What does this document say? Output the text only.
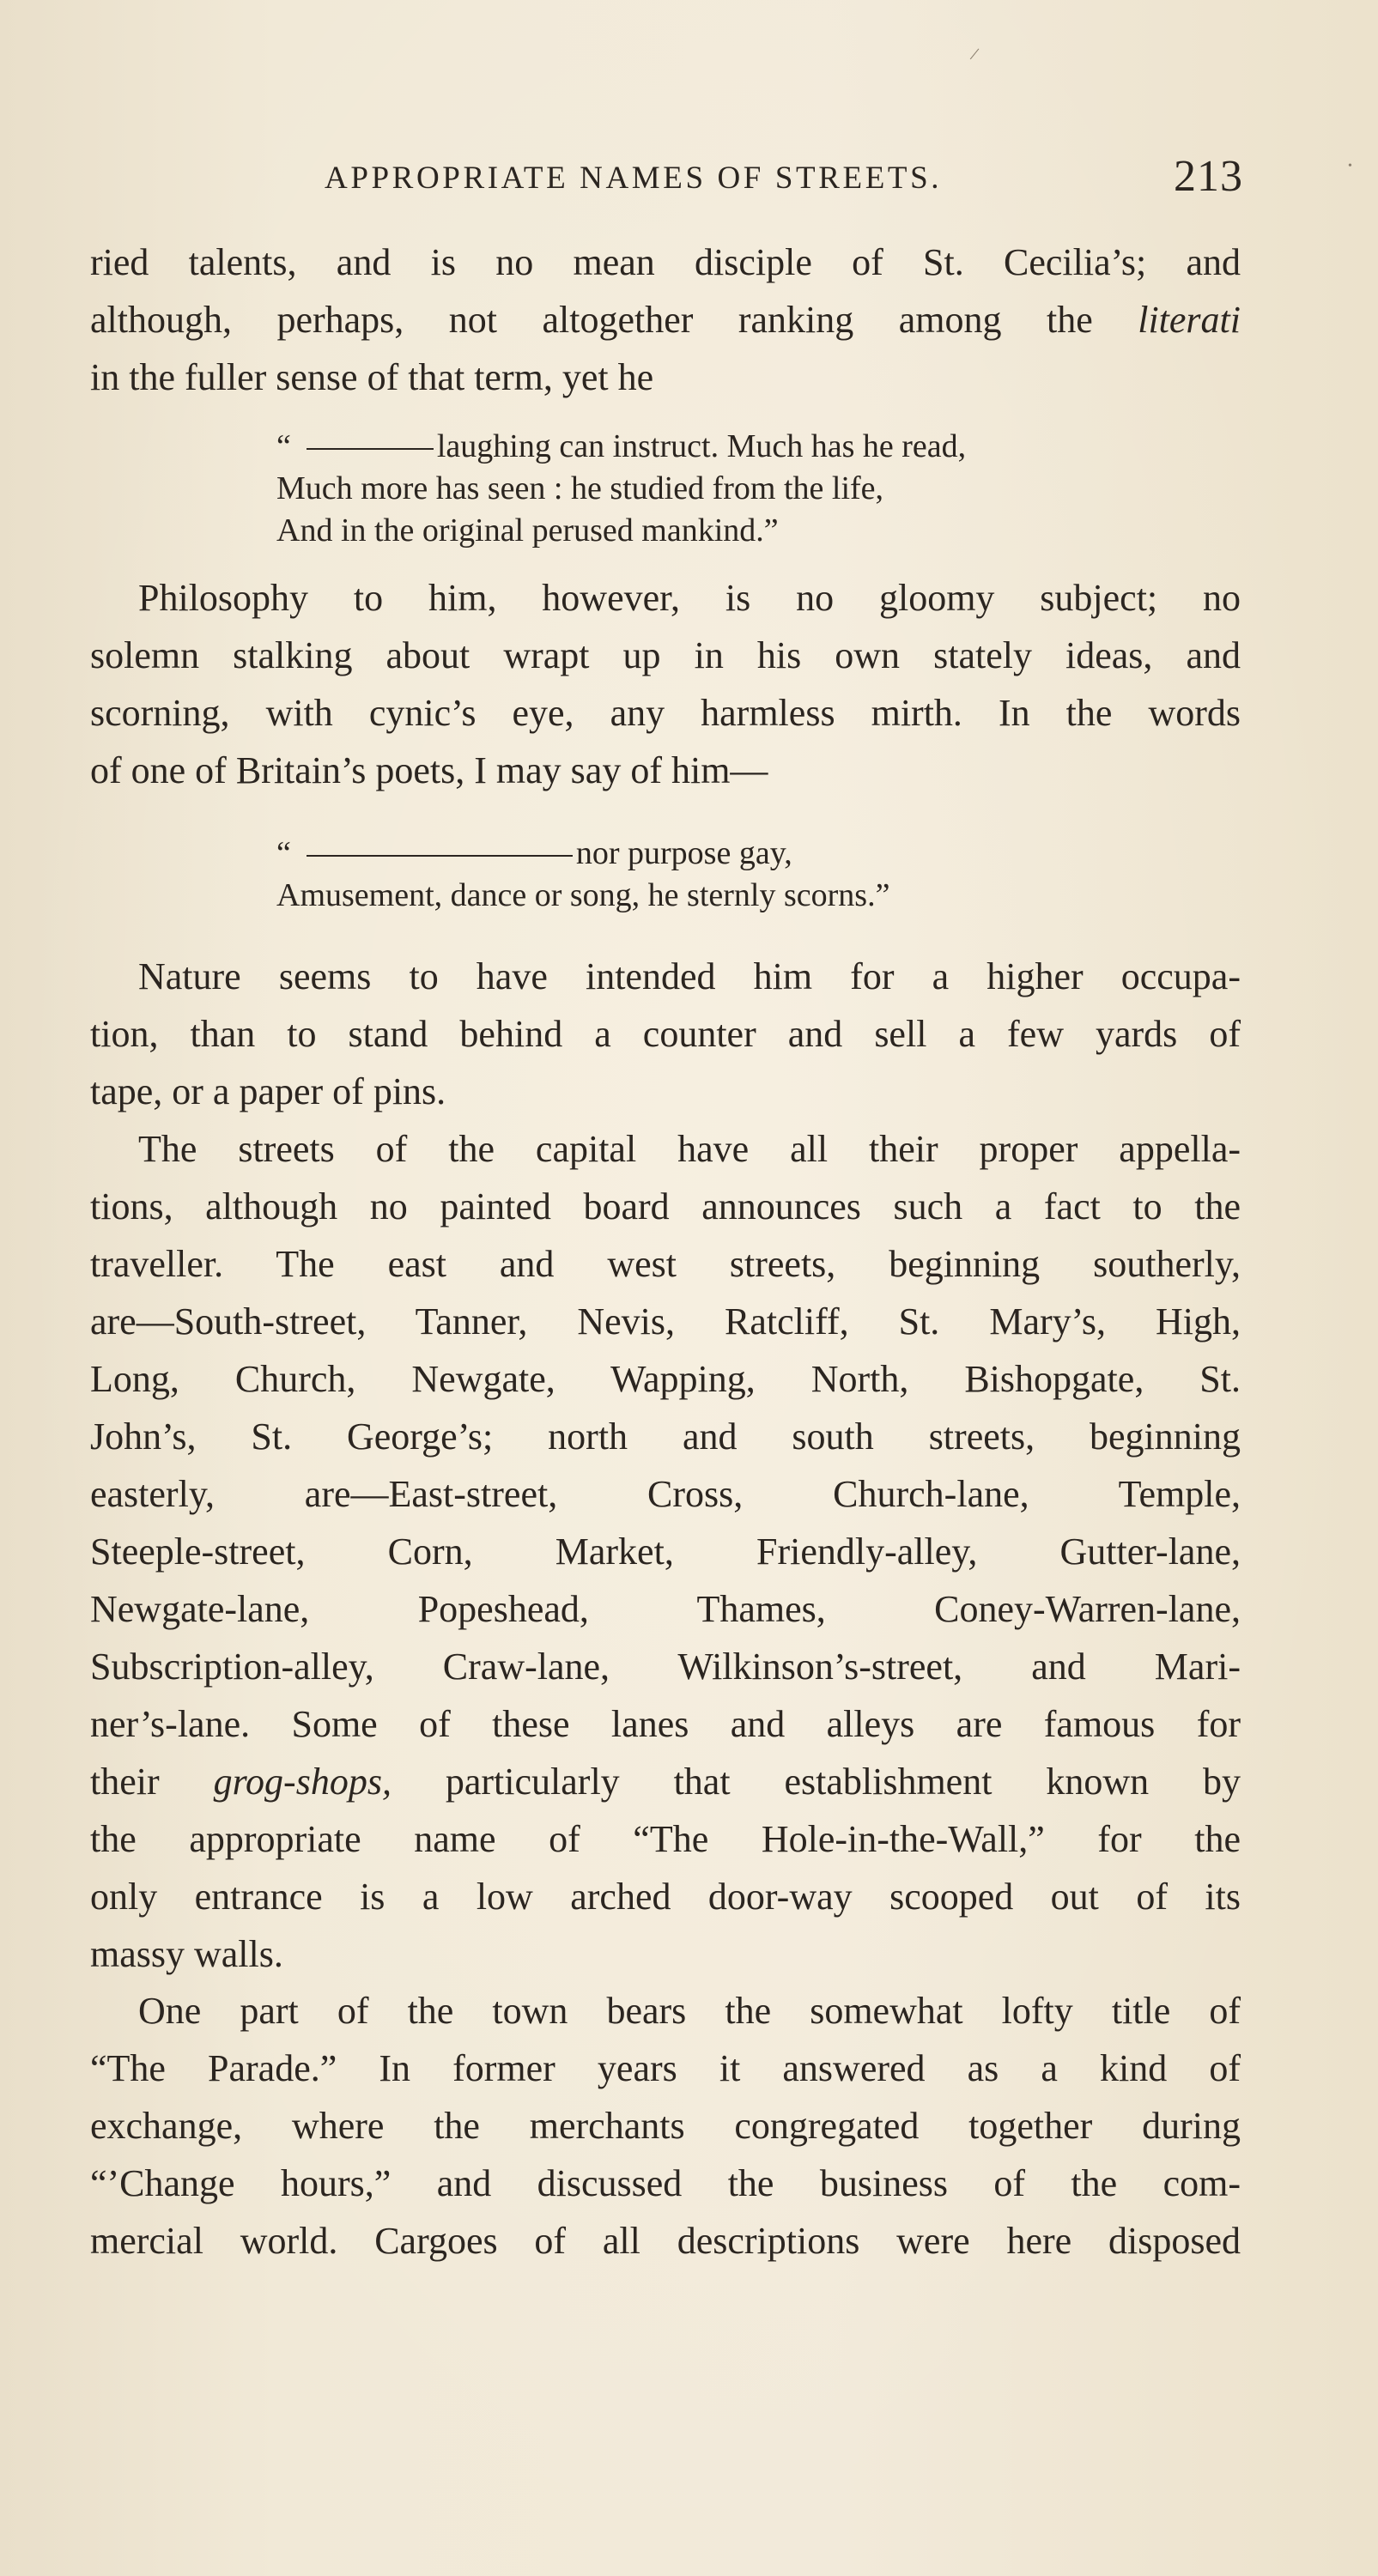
/
•
APPROPRIATE NAMES OF STREETS.	213

ried talents, and is no mean disciple of St. Cecilia’s; and
although, perhaps, not altogether ranking among the literati
in the fuller sense of that term, yet he

“	laughing can instruct. Much has he read,
Much more has seen : he studied from the life,
And in the original perused mankind.”

Philosophy to him, however, is no gloomy subject; no
solemn stalking about wrapt up in his own stately ideas, and
scorning, with cynic’s eye, any harmless mirth. In the words
of one of Britain’s poets, I may say of him—

“	nor purpose gay,
Amusement, dance or song, he sternly scorns.”

Nature seems to have intended him for a higher occupa-
tion, than to stand behind a counter and sell a few yards of
tape, or a paper of pins.

The streets of the capital have all their proper appella-
tions, although no painted board announces such a fact to the
traveller. The east and west streets, beginning southerly,
are—South-street, Tanner, Nevis, Ratcliff, St. Mary’s, High,
Long, Church, Newgate, Wapping, North, Bishopgate, St.
John’s, St. George’s; north and south streets, beginning
easterly, are—East-street, Cross, Church-lane, Temple,
Steeple-street, Corn, Market, Friendly-alley, Gutter-lane,
Newgate-lane, Popeshead, Thames, Coney-Warren-lane,
Subscription-alley, Craw-lane, Wilkinson’s-street, and Mari-
ner’s-lane. Some of these lanes and alleys are famous for
their grog-shops, particularly that establishment known by
the appropriate name of “The Hole-in-the-Wall,” for the
only entrance is a low arched door-way scooped out of its
massy walls.

One part of the town bears the somewhat lofty title of
“The Parade.” In former years it answered as a kind of
exchange, where the merchants congregated together during
“’Change hours,” and discussed the business of the com-
mercial world. Cargoes of all descriptions were here disposed
